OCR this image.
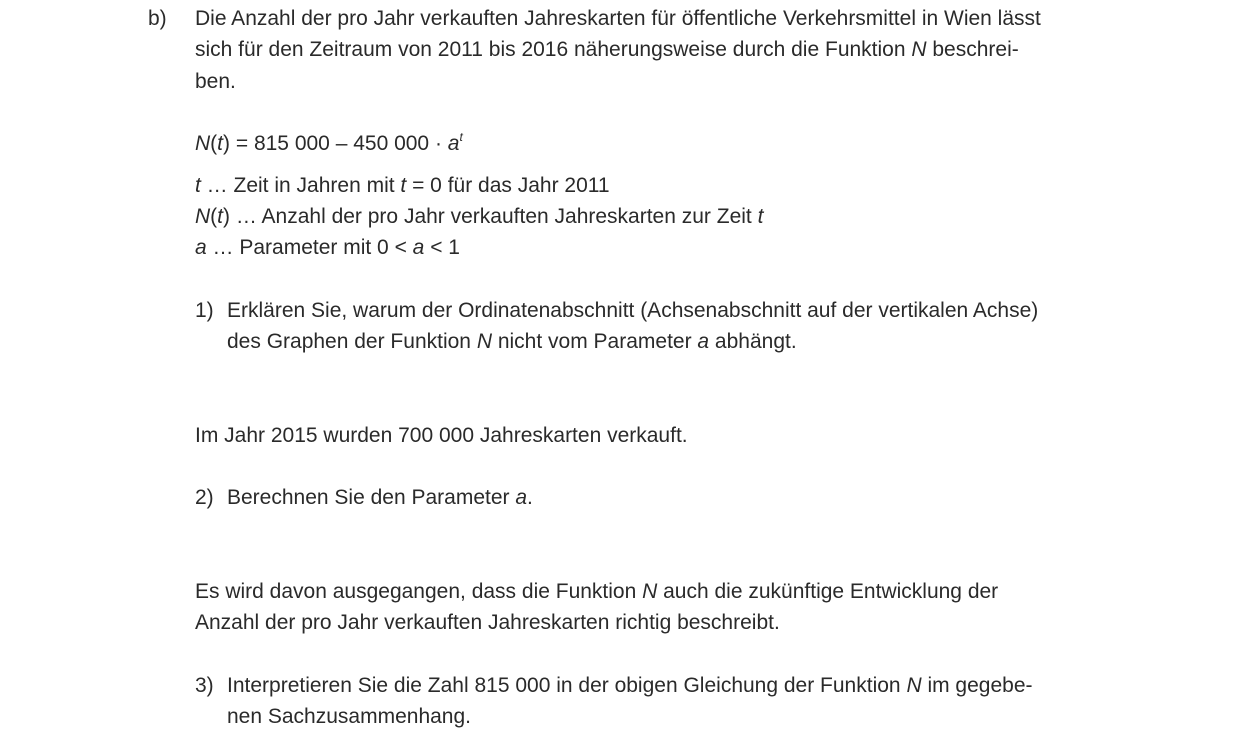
b) Die Anzahl der pro Jahr verkauften Jahreskarten für öffentliche Verkehrsmittel in Wien lässt
sich für den Zeitraum von 2011 bis 2016 näherungsweise durch die Funktion N beschrei-
ben.
N(t) = 815 000 – 450 $000 \cdot a^t$
t … Zeit in Jahren mit t = 0 für das Jahr 2011
N(t) … Anzahl der pro Jahr verkauften Jahreskarten zur Zeit t
a … Parameter mit 0 < a < 1
1) Erklären Sie, warum der Ordinatenabschnitt (Achsenabschnitt auf der vertikalen Achse)
des Graphen der Funktion N nicht vom Parameter a abhängt.
Im Jahr 2015 wurden 700 000 Jahreskarten verkauft.
2) Berechnen Sie den Parameter a.
Es wird davon ausgegangen, dass die Funktion N auch die zukünftige Entwicklung der
Anzahl der pro Jahr verkauften Jahreskarten richtig beschreibt.
3) Interpretieren Sie die Zahl 815 000 in der obigen Gleichung der Funktion N im gegebe-
nen Sachzusammenhang.
